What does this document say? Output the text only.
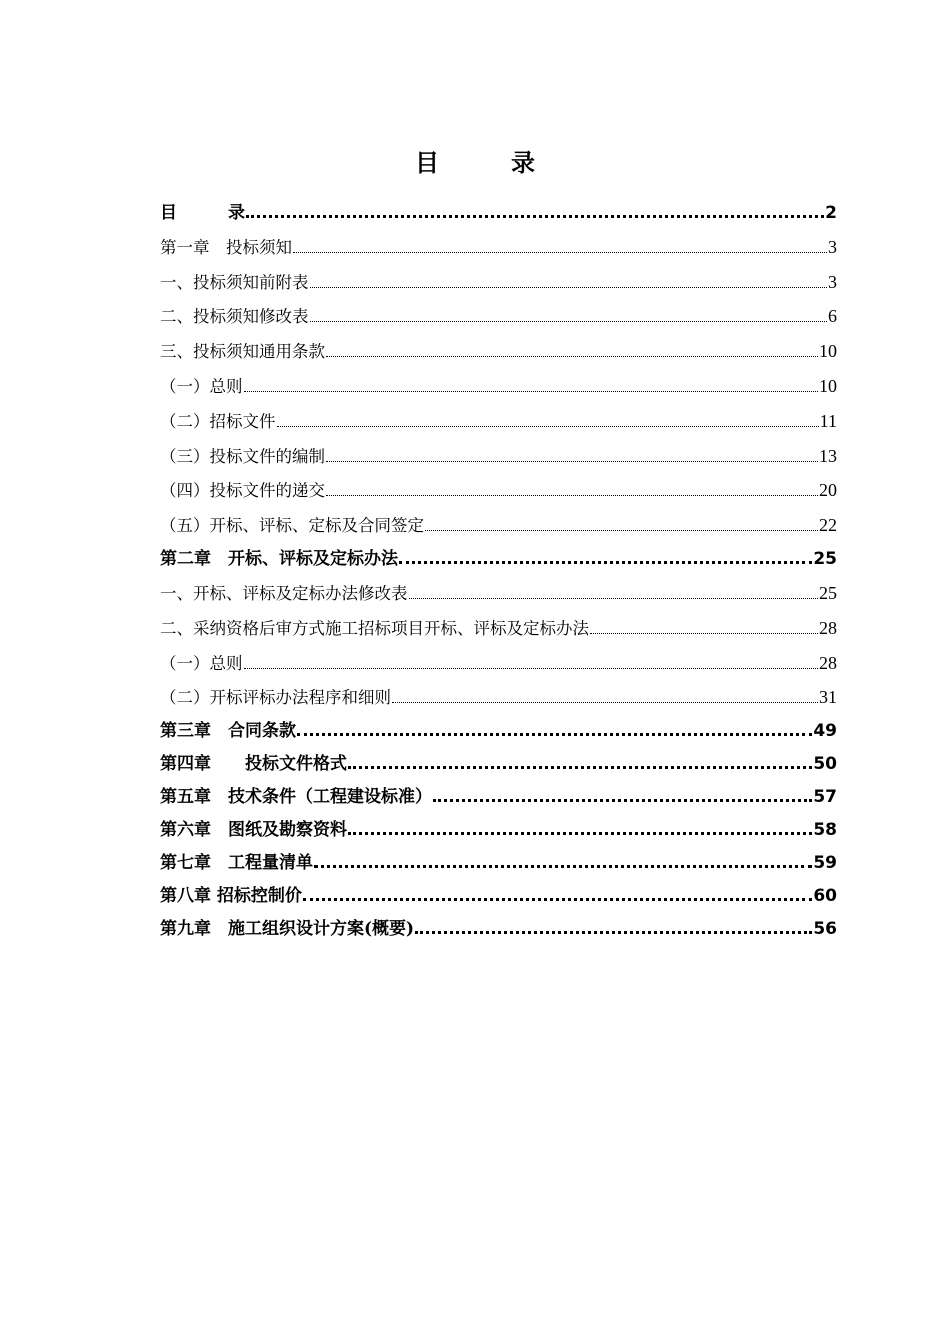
目　　　录
目　　　录	2
第一章　投标须知	3
一、投标须知前附表	3
二、投标须知修改表	6
三、投标须知通用条款	10
（一）总则	10
（二）招标文件	11
（三）投标文件的编制	13
（四）投标文件的递交	20
（五）开标、评标、定标及合同签定	22
第二章　开标、评标及定标办法	25
一、开标、评标及定标办法修改表	25
二、采纳资格后审方式施工招标项目开标、评标及定标办法	28
（一）总则	28
（二）开标评标办法程序和细则	31
第三章　合同条款	49
第四章　　投标文件格式	50
第五章　技术条件（工程建设标准）	57
第六章　图纸及勘察资料	58
第七章　工程量清单	59
第八章 招标控制价	60
第九章　施工组织设计方案(概要)	56
